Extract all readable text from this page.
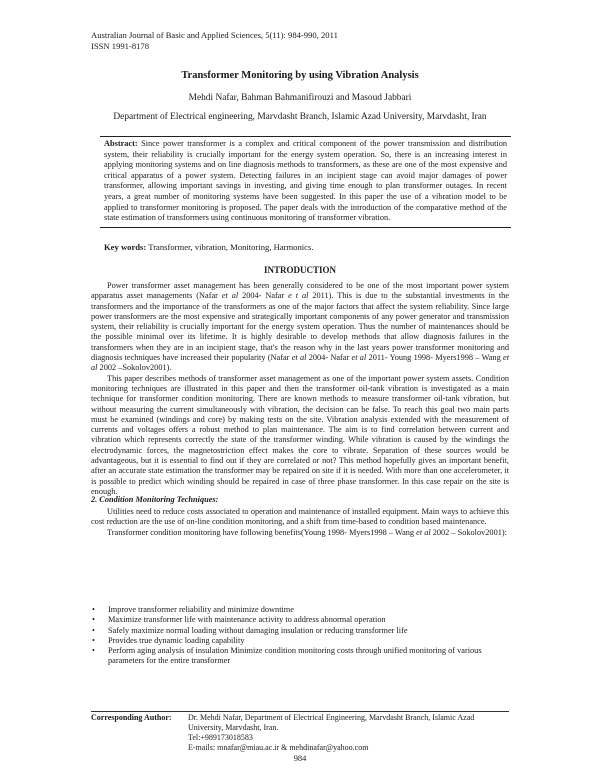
Australian Journal of Basic and Applied Sciences, 5(11): 984-990, 2011
ISSN 1991-8178
Transformer Monitoring by using Vibration Analysis
Mehdi Nafar, Bahman Bahmanifirouzi and Masoud Jabbari
Department of Electrical engineering, Marvdasht Branch, Islamic Azad University, Marvdasht, Iran
Abstract: Since power transformer is a complex and critical component of the power transmission and distribution system, their reliability is crucially important for the energy system operation. So, there is an increasing interest in applying monitoring systems and on line diagnosis methods to transformers, as these are one of the most expensive and critical apparatus of a power system. Detecting failures in an incipient stage can avoid major damages of power transformer, allowing important savings in investing, and giving time enough to plan transformer outages. In recent years, a great number of monitoring systems have been suggested. In this paper the use of a vibration model to be applied to transformer monitoring is proposed. The paper deals with the introduction of the comparative method of the state estimation of transformers using continuous monitoring of transformer vibration.
Key words: Transformer, vibration, Monitoring, Harmonics.
INTRODUCTION

Power transformer asset management has been generally considered to be one of the most important power system apparatus asset managements (Nafar et al 2004- Nafar e t al 2011). This is due to the substantial investments in the transformers and the importance of the transformers as one of the major factors that affect the system reliability. Since large power transformers are the most expensive and strategically important components of any power generator and transmission system, their reliability is crucially important for the energy system operation. Thus the number of maintenances should be the possible minimal over its lifetime. It is highly desirable to develop methods that allow diagnosis failures in the transformers when they are in an incipient stage, that's the reason why in the last years power transformer monitoring and diagnosis techniques have increased their popularity (Nafar et al 2004- Nafar et al 2011- Young 1998- Myers1998 – Wang et al 2002 –Sokolov2001).

This paper describes methods of transformer asset management as one of the important power system assets. Condition monitoring techniques are illustrated in this paper and then the transformer oil-tank vibration is investigated as a main technique for transformer condition monitoring. There are known methods to measure transformer oil-tank vibration, but without measuring the current simultaneously with vibration, the decision can be false. To reach this goal two main parts must be examined (windings and core) by making tests on the site. Vibration analysis extended with the measurement of currents and voltages offers a robust method to plan maintenance. The aim is to find correlation between current and vibration which represents correctly the state of the transformer winding. While vibration is caused by the windings the electrodynamic forces, the magnetostriction effect makes the core to vibrate. Separation of these sources would be advantageous, but it is essential to find out if they are correlated or not? This method hopefully gives an important benefit, after an accurate state estimation the transformer may be repaired on site if it is needed. With more than one accelerometer, it is possible to predict which winding should be repaired in case of three phase transformer. In this case repair on the site is enough.

2. Condition Monitoring Techniques:

Utilities need to reduce costs associated to operation and maintenance of installed equipment. Main ways to achieve this cost reduction are the use of on-line condition monitoring, and a shift from time-based to condition based maintenance.

Transformer condition monitoring have following benefits(Young 1998- Myers1998 – Wang et al 2002 – Sokolov2001):

• Improve transformer reliability and minimize downtime
• Maximize transformer life with maintenance activity to address abnormal operation
• Safely maximize normal loading without damaging insulation or reducing transformer life
• Provides true dynamic loading capability
• Perform aging analysis of insulation Minimize condition monitoring costs through unified monitoring of various parameters for the entire transformer
Corresponding Author: Dr. Mehdi Nafar, Department of Electrical Engineering, Marvdasht Branch, Islamic Azad University, Marvdasht, Iran.
Tel:+989173018583
E-mails: mnafar@miau.ac.ir & mehdinafar@yahoo.com
984
